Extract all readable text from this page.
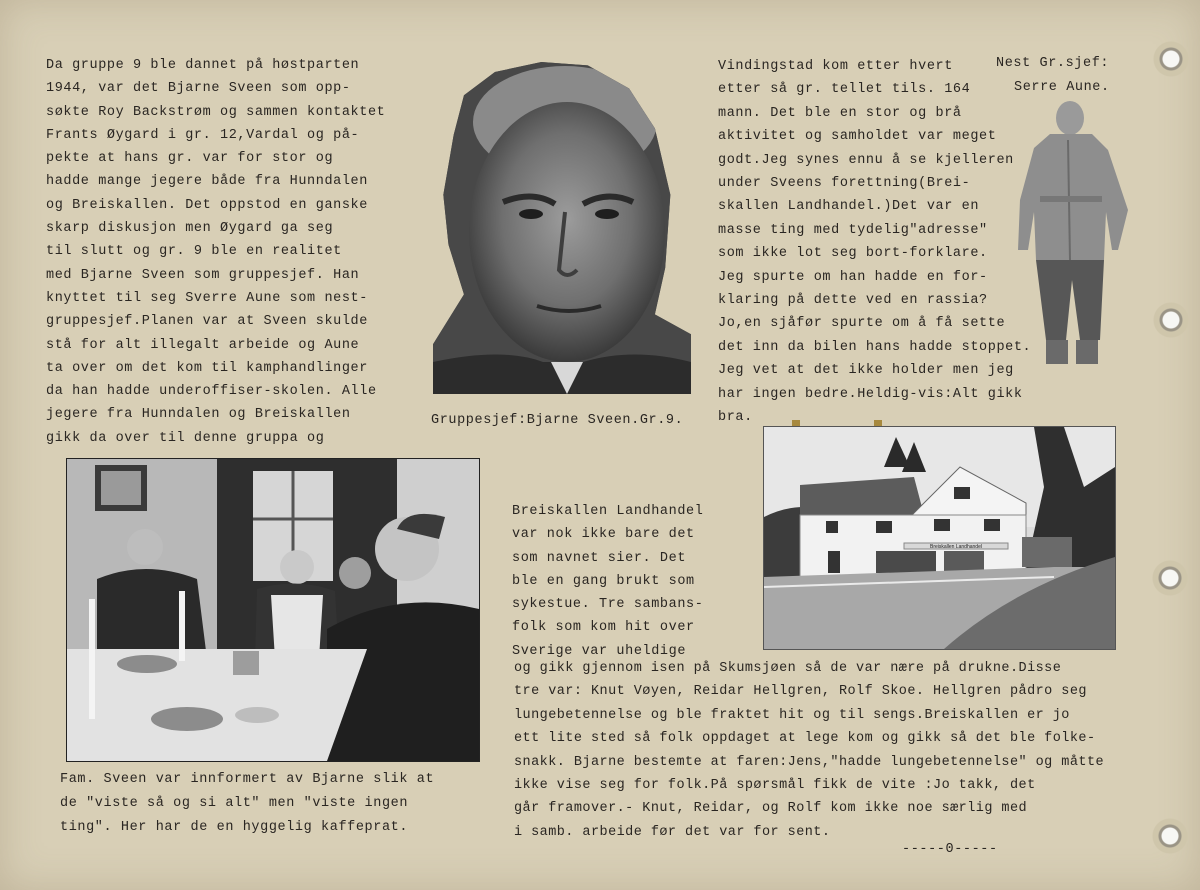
Da gruppe 9 ble dannet på høstparten
1944, var det Bjarne Sveen som opp-
søkte Roy Backstrøm og sammen kontaktet
Frants Øygard i gr. 12,Vardal og på-
pekte at hans gr. var for stor og
hadde mange jegere både fra Hunndalen
og Breiskallen. Det oppstod en ganske
skarp diskusjon men Øygard ga seg
til slutt og gr. 9 ble en realitet
med Bjarne Sveen som gruppesjef. Han
knyttet til seg Sverre Aune som nest-
gruppesjef.Planen var at Sveen skulde
stå for alt illegalt arbeide og Aune
ta over om det kom til kamphandlinger
da han hadde underoffiser-skolen. Alle
jegere fra Hunndalen og Breiskallen
gikk da over til denne gruppa og
Gruppesjef:Bjarne Sveen.Gr.9.
Vindingstad kom etter hvert
etter så gr. tellet tils. 164
mann. Det ble en stor og brå
aktivitet og samholdet var meget
godt.Jeg synes ennu å se kjelleren
under Sveens forettning(Brei-
skallen Landhandel.)Det var en
masse ting med tydelig"adresse"
som ikke lot seg bort-forklare.
Jeg spurte om han hadde en for-
klaring på dette ved en rassia?
Jo,en sjåfør spurte om å få sette
det inn da bilen hans hadde stoppet.
Jeg vet at det ikke holder men jeg
har ingen bedre.Heldig-vis:Alt gikk
bra.
Nest Gr.sjef:
Serre Aune.
Fam. Sveen var innformert av Bjarne slik at
de "viste så og si alt" men "viste ingen
ting". Her har de en hyggelig kaffeprat.
Breiskallen Landhandel
Breiskallen Landhandel
var nok ikke bare det
som navnet sier. Det
ble en gang brukt som
sykestue. Tre sambans-
folk som kom hit over
Sverige var uheldige
og gikk gjennom isen på Skumsjøen så de var nære på drukne.Disse
tre var: Knut Vøyen, Reidar Hellgren, Rolf Skoe. Hellgren pådro seg
lungebetennelse og ble fraktet hit og til sengs.Breiskallen er jo
ett lite sted så folk oppdaget at lege kom og gikk så det ble folke-
snakk. Bjarne bestemte at faren:Jens,"hadde lungebetennelse" og måtte
ikke vise seg for folk.På spørsmål fikk de vite :Jo takk, det
går framover.- Knut, Reidar, og Rolf kom ikke noe særlig med
i samb. arbeide før det var for sent.
-----0-----
